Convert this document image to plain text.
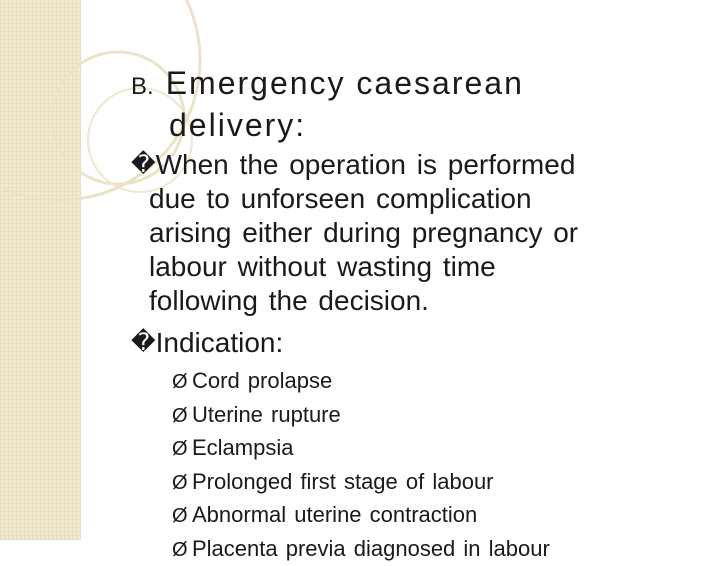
B. Emergency caesarean
delivery:
�When the operation is performed
due to unforseen complication
arising either during pregnancy or
labour without wasting time
following the decision.
�Indication:
Ø Cord prolapse
Ø Uterine rupture
Ø Eclampsia
Ø Prolonged first stage of labour
Ø Abnormal uterine contraction
Ø Placenta previa diagnosed in labour
